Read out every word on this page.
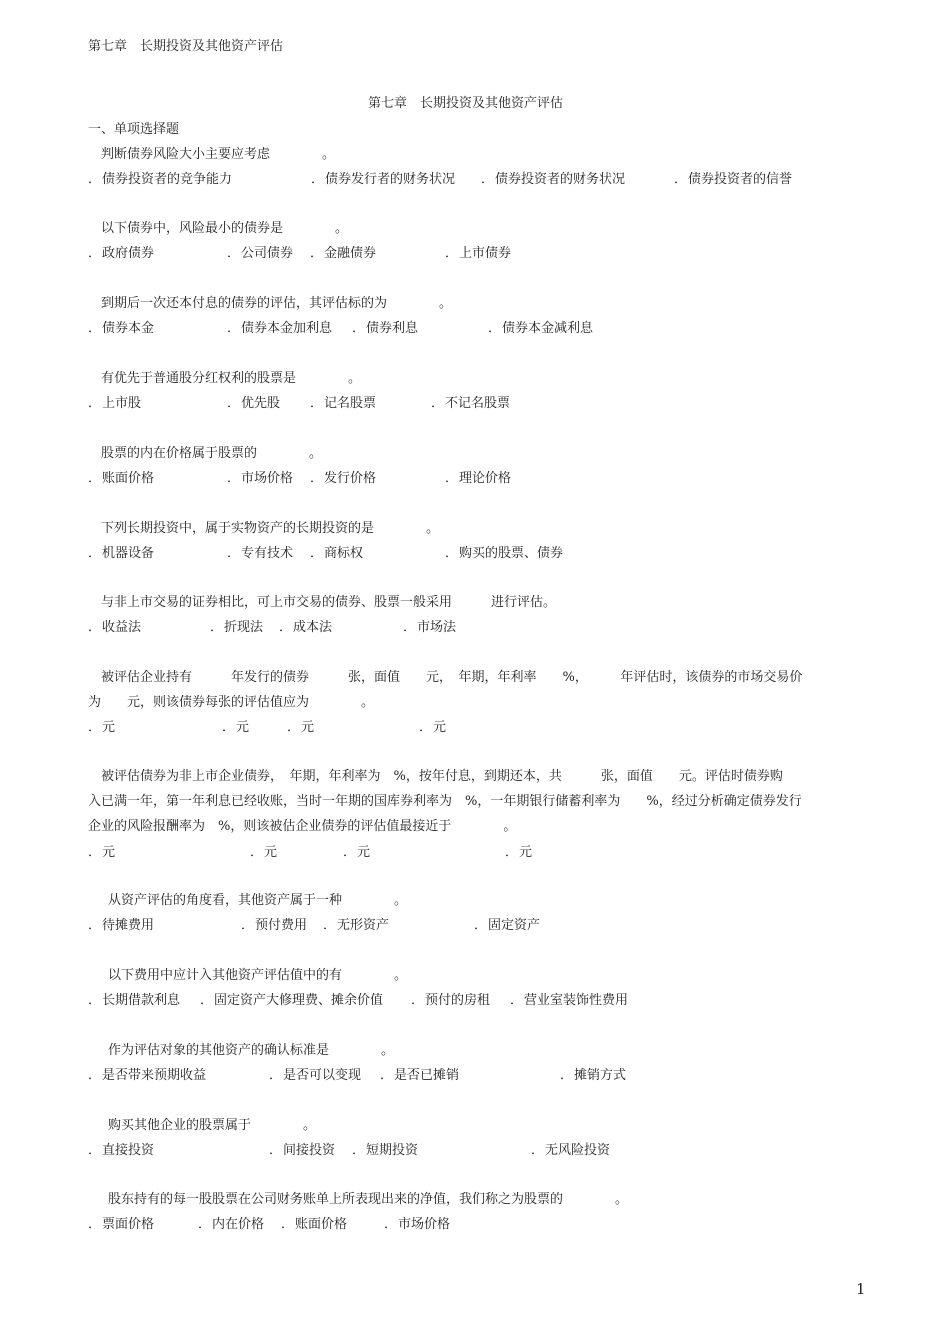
第七章　长期投资及其他资产评估
第七章　长期投资及其他资产评估
一、单项选择题
1
判断债券风险大小主要应考虑　　　　。
．债券投资者的竞争能力	．债券发行者的财务状况 ．债券投资者的财务状况	．债券投资者的信誉
以下债券中，风险最小的债券是　　　　。
．政府债券	．公司债券 ．金融债券	．上市债券
到期后一次还本付息的债券的评估，其评估标的为　　　　。
．债券本金	．债券本金加利息 ．债券利息	．债券本金减利息
有优先于普通股分红权利的股票是　　　　。
．上市股	．优先股 ．记名股票	．不记名股票
股票的内在价格属于股票的　　　　。
．账面价格	．市场价格 ．发行价格	．理论价格
下列长期投资中，属于实物资产的长期投资的是　　　　。
．机器设备	．专有技术 ．商标权	．购买的股票、债券
与非上市交易的证券相比，可上市交易的债券、股票一般采用　　　进行评估。
．收益法	．折现法 ．成本法	．市场法
被评估企业持有　　　年发行的债券　　　张，面值　　元，　年期，年利率　　%，　　　年评估时，该债券的市场交易价
为　　元，则该债券每张的评估值应为　　　　。
．元	．元	．元	．元
被评估债券为非上市企业债券，　年期，年利率为　%，按年付息，到期还本，共　　　张，面值　　元。评估时债券购
入已满一年，第一年利息已经收账，当时一年期的国库券利率为　%，一年期银行储蓄利率为　　%，经过分析确定债券发行
企业的风险报酬率为　%，则该被估企业债券的评估值最接近于　　　　。
．元	．元	．元	．元
从资产评估的角度看，其他资产属于一种　　　　。
．待摊费用	．预付费用 ．无形资产	．固定资产
以下费用中应计入其他资产评估值中的有　　　　。
．长期借款利息 ．固定资产大修理费、摊余价值 ．预付的房租 ．营业室装饰性费用
作为评估对象的其他资产的确认标准是　　　　。
．是否带来预期收益	．是否可以变现 ．是否已摊销	．摊销方式
购买其他企业的股票属于　　　　。
．直接投资	．间接投资 ．短期投资	．无风险投资
股东持有的每一股股票在公司财务账单上所表现出来的净值，我们称之为股票的　　　　。
．票面价格	．内在价格 ．账面价格	．市场价格
